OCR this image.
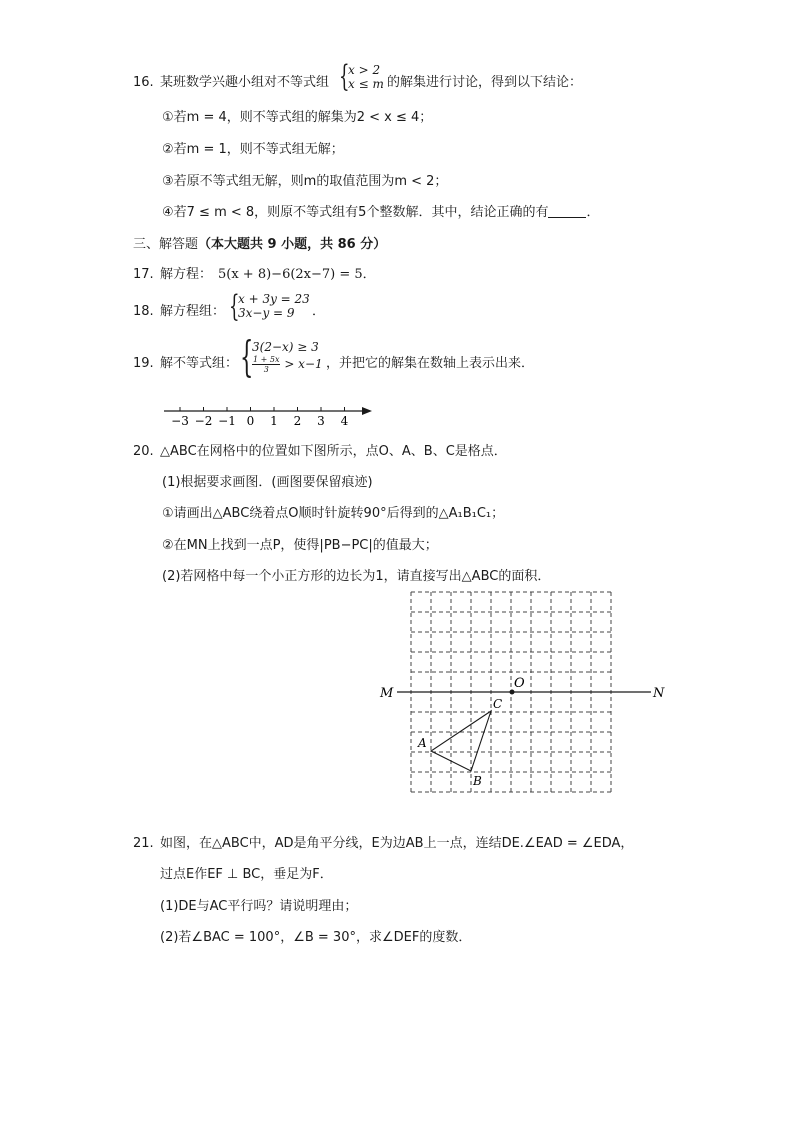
16. 某班数学兴趣小组对不等式组 {
x > 2
x ≤ m 的解集进行讨论，得到以下结论：
①若m = 4，则不等式组的解集为2 < x ≤ 4；
②若m = 1，则不等式组无解；
③若原不等式组无解，则m的取值范围为m < 2；
④若7 ≤ m < 8，则原不等式组有5个整数解．其中，结论正确的有	．
三、解答题（本大题共 9 小题，共 86 分）
17. 解方程： 5(x + 8)−6(2x−7) = 5．
18. 解方程组： {
x + 3y = 23
3x−y = 9 ．
19. 解不等式组： {
3(2−x) ≥ 3
$\frac{1 + 5x}{3} > x-1$ ，并把它的解集在数轴上表示出来．
−3 −2 −1 0 1 2 3 4
20. △ABC在网格中的位置如下图所示，点O、A、B、C是格点．
(1)根据要求画图．(画图要保留痕迹)
①请画出△ABC绕着点O顺时针旋转90°后得到的△A₁B₁C₁；
②在MN上找到一点P，使得|PB−PC|的值最大；
(2)若网格中每一个小正方形的边长为1，请直接写出△ABC的面积．
M	N
O
A
B
C
21. 如图，在△ABC中，AD是角平分线，E为边AB上一点，连结DE.∠EAD = ∠EDA，
过点E作EF ⊥ BC，垂足为F．
(1)DE与AC平行吗？请说明理由；
(2)若∠BAC = 100°，∠B = 30°，求∠DEF的度数．
